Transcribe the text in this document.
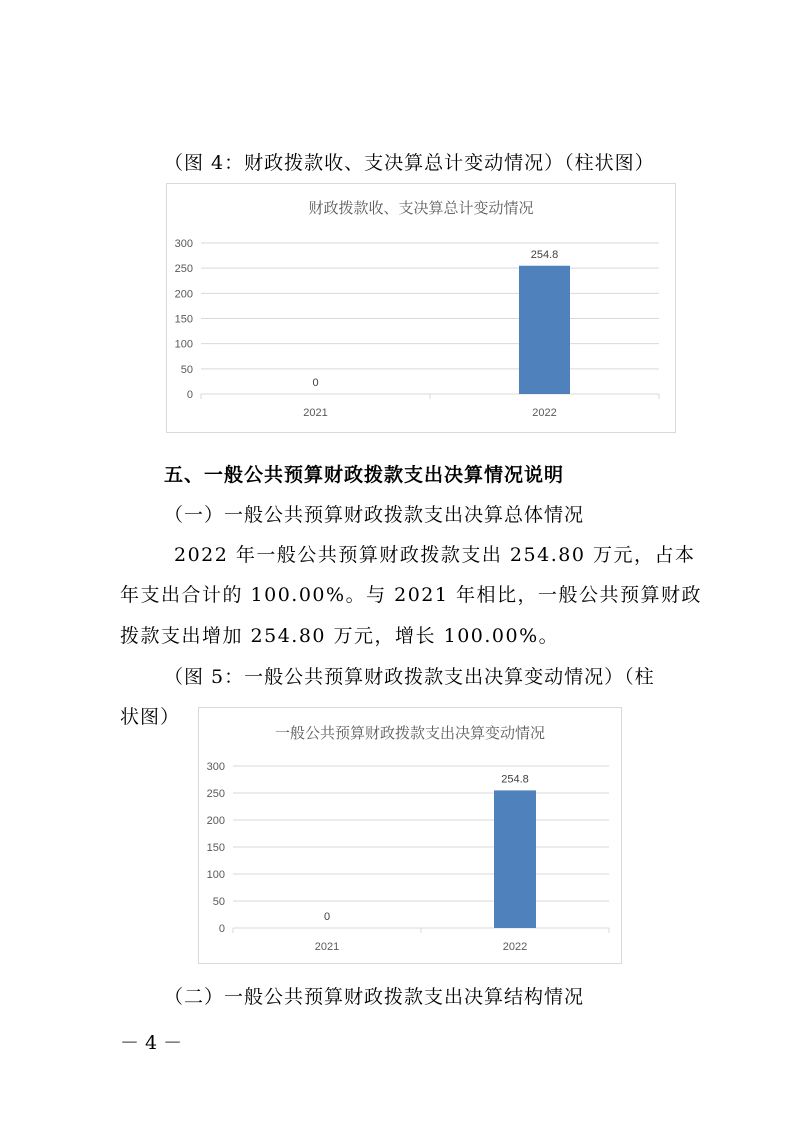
（图 4：财政拨款收、支决算总计变动情况）（柱状图）
财政拨款收、支决算总计变动情况
0
50
100
150
200
250
300
2021
0
2022
254.8
五、一般公共预算财政拨款支出决算情况说明
（一）一般公共预算财政拨款支出决算总体情况
2022 年一般公共预算财政拨款支出 254.80 万元，占本
年支出合计的 100.00%。与 2021 年相比，一般公共预算财政
拨款支出增加 254.80 万元，增长 100.00%。
（图 5：一般公共预算财政拨款支出决算变动情况）（柱
状图）
一般公共预算财政拨款支出决算变动情况
0
50
100
150
200
250
300
2021
0
2022
254.8
（二）一般公共预算财政拨款支出决算结构情况
－ 4 －
